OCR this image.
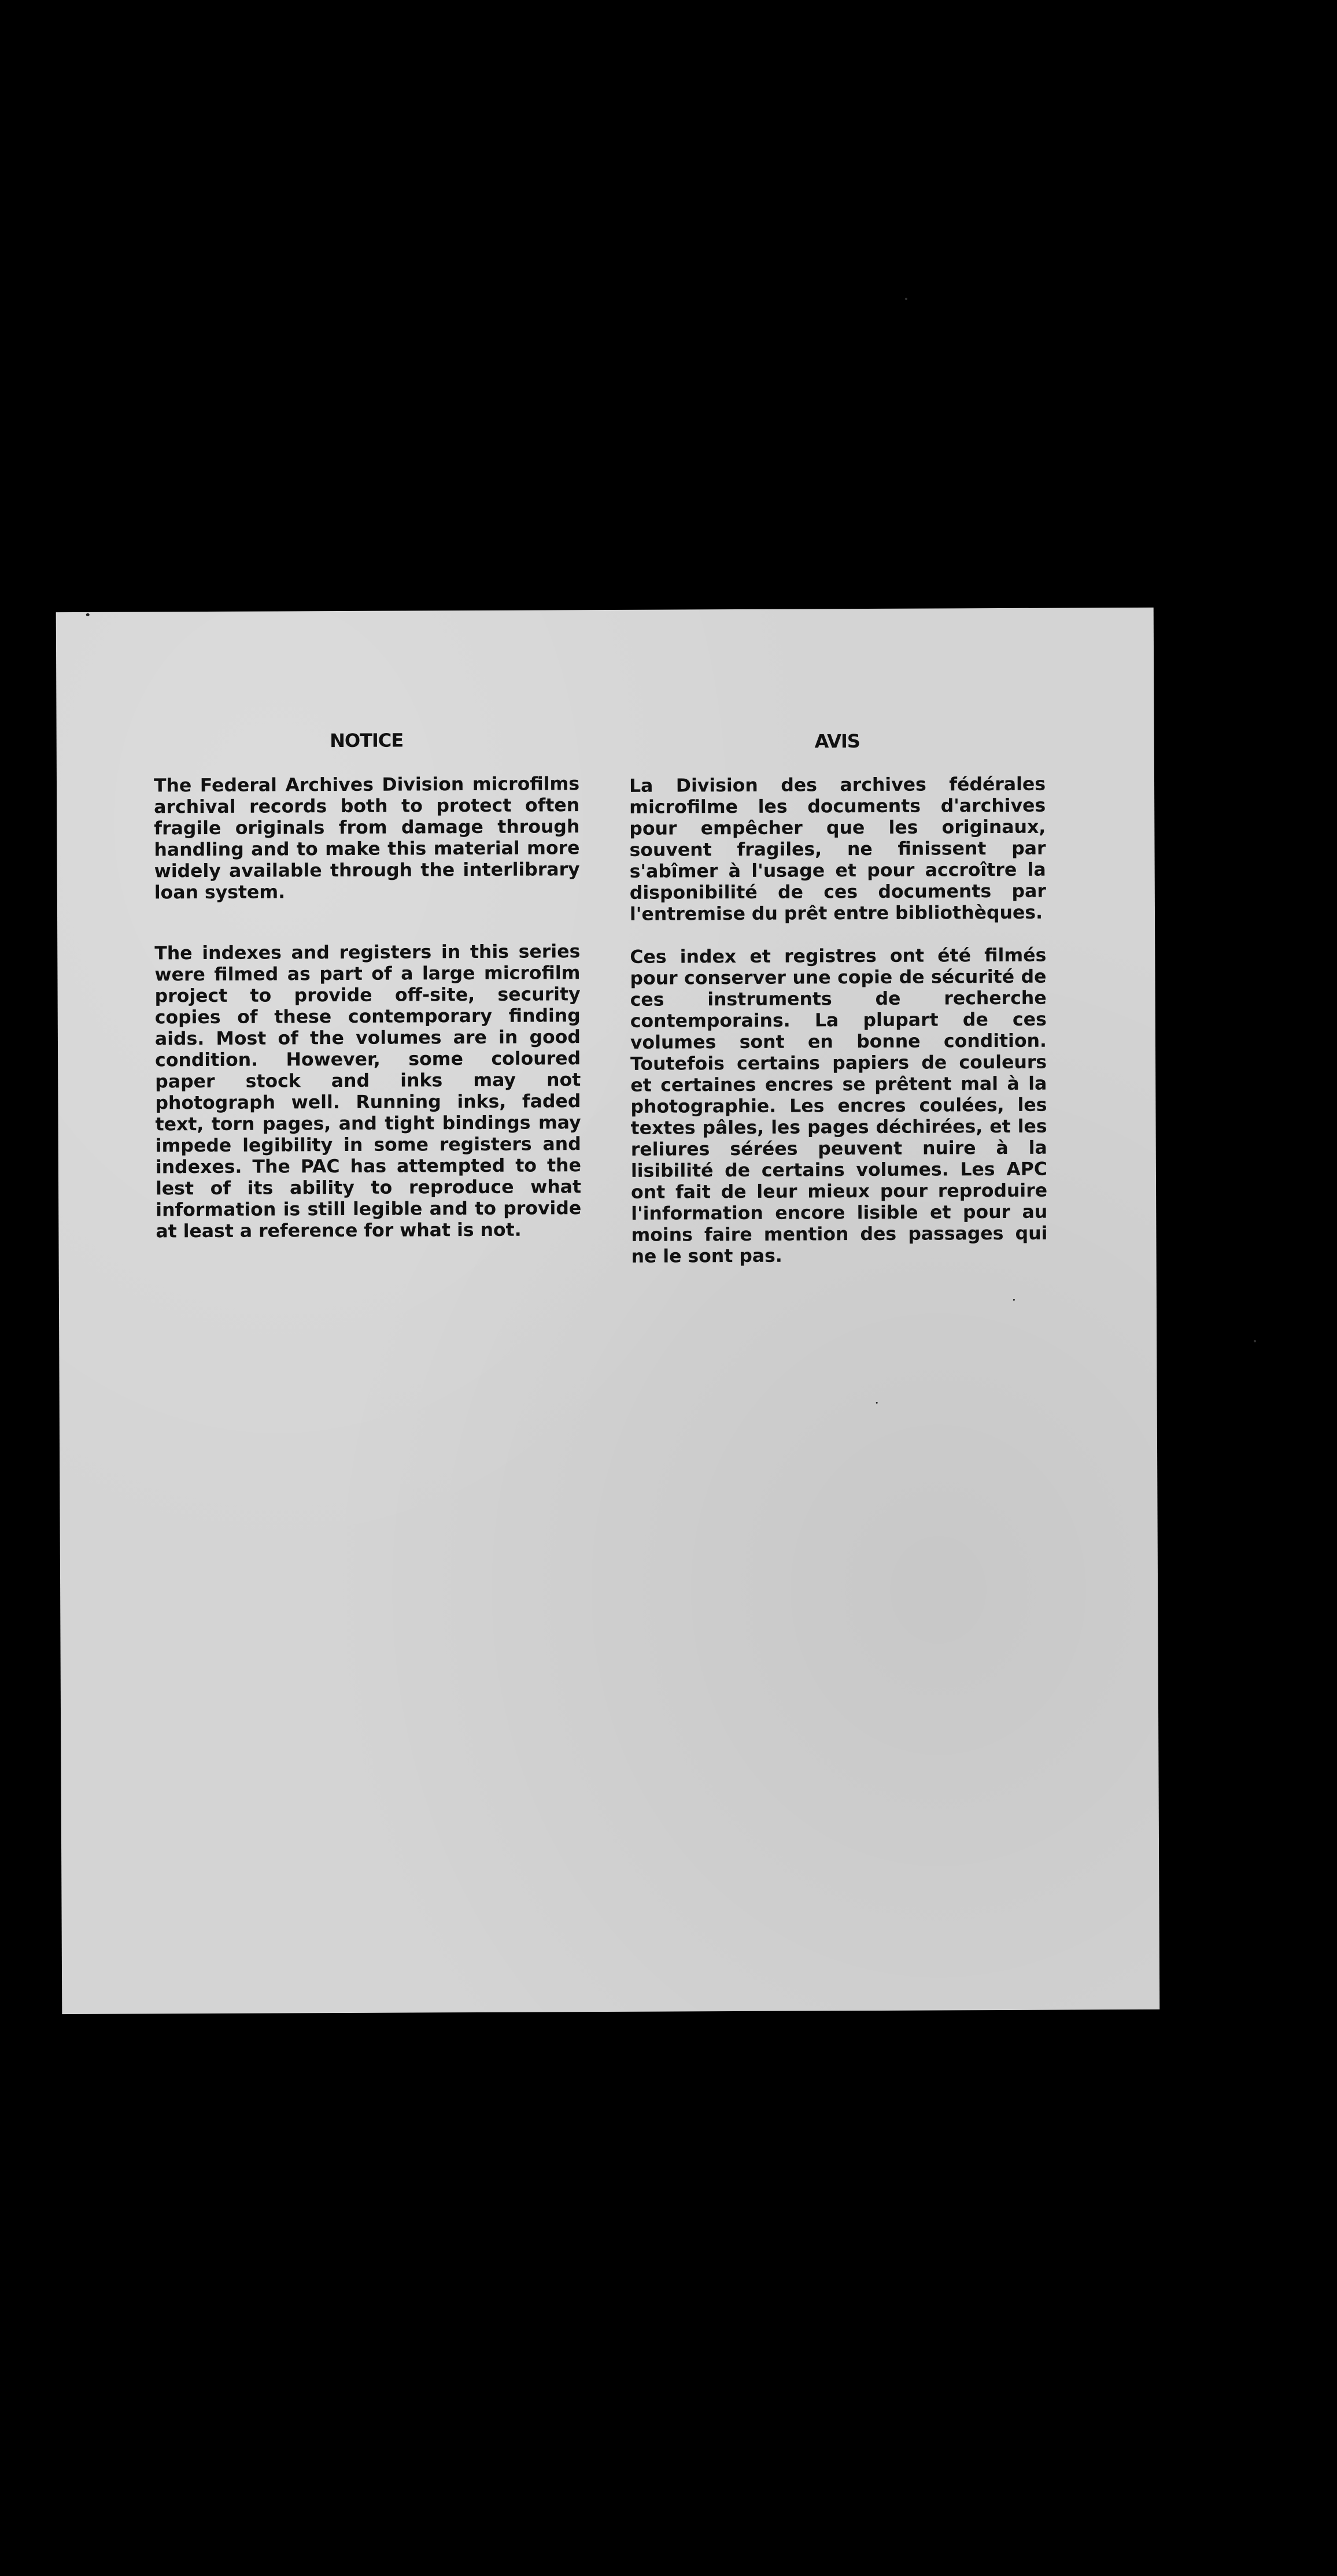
NOTICE

The Federal Archives Division microfilms archival records both to protect often fragile originals from damage through handling and to make this material more widely available through the interlibrary loan system.

The indexes and registers in this series were filmed as part of a large microfilm project to provide off-site, security copies of these contemporary finding aids. Most of the volumes are in good condition. However, some coloured paper stock and inks may not photograph well. Running inks, faded text, torn pages, and tight bindings may impede legibility in some registers and indexes. The PAC has attempted to the lest of its ability to reproduce what information is still legible and to provide at least a reference for what is not.

AVIS

La Division des archives fédérales microfilme les documents d'archives pour empêcher que les originaux, souvent fragiles, ne finissent par s'abîmer à l'usage et pour accroître la disponibilité de ces documents par l'entremise du prêt entre bibliothèques.

Ces index et registres ont été filmés pour conserver une copie de sécurité de ces instruments de recherche contemporains. La plupart de ces volumes sont en bonne condition. Toutefois certains papiers de couleurs et certaines encres se prêtent mal à la photographie. Les encres coulées, les textes pâles, les pages déchirées, et les reliures sérées peuvent nuire à la lisibilité de certains volumes. Les APC ont fait de leur mieux pour reproduire l'information encore lisible et pour au moins faire mention des passages qui ne le sont pas.
